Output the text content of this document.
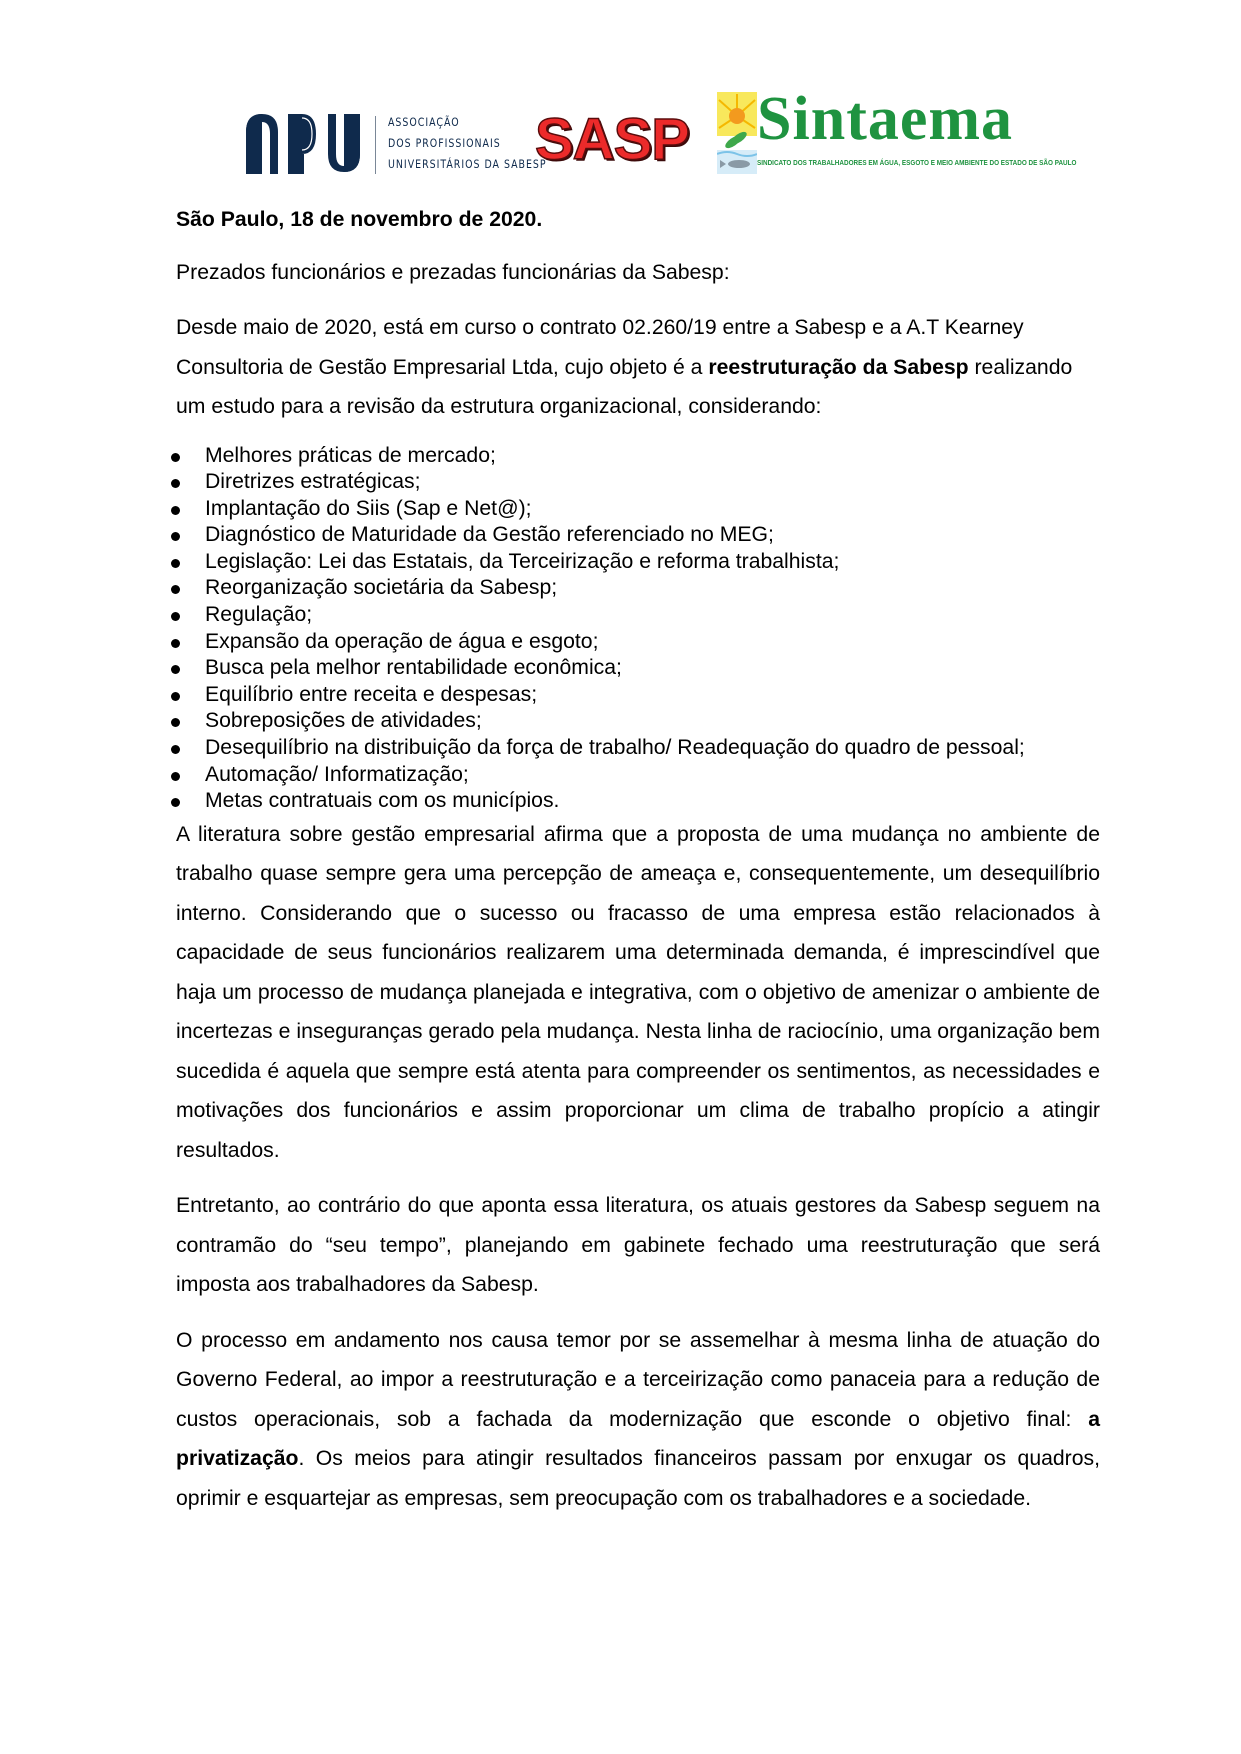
ASSOCIAÇÃO
DOS PROFISSIONAIS
UNIVERSITÁRIOS DA SABESP
SASP Sintaema
SINDICATO DOS TRABALHADORES EM ÁGUA, ESGOTO E MEIO AMBIENTE DO ESTADO DE SÃO PAULO

São Paulo, 18 de novembro de 2020.

Prezados funcionários e prezadas funcionárias da Sabesp:

Desde maio de 2020, está em curso o contrato 02.260/19 entre a Sabesp e a A.T Kearney Consultoria de Gestão Empresarial Ltda, cujo objeto é a reestruturação da Sabesp realizando um estudo para a revisão da estrutura organizacional, considerando:

Melhores práticas de mercado;
Diretrizes estratégicas;
Implantação do Siis (Sap e Net@);
Diagnóstico de Maturidade da Gestão referenciado no MEG;
Legislação: Lei das Estatais, da Terceirização e reforma trabalhista;
Reorganização societária da Sabesp;
Regulação;
Expansão da operação de água e esgoto;
Busca pela melhor rentabilidade econômica;
Equilíbrio entre receita e despesas;
Sobreposições de atividades;
Desequilíbrio na distribuição da força de trabalho/ Readequação do quadro de pessoal;
Automação/ Informatização;
Metas contratuais com os municípios.

A literatura sobre gestão empresarial afirma que a proposta de uma mudança no ambiente de trabalho quase sempre gera uma percepção de ameaça e, consequentemente, um desequilíbrio interno. Considerando que o sucesso ou fracasso de uma empresa estão relacionados à capacidade de seus funcionários realizarem uma determinada demanda, é imprescindível que haja um processo de mudança planejada e integrativa, com o objetivo de amenizar o ambiente de incertezas e inseguranças gerado pela mudança. Nesta linha de raciocínio, uma organização bem sucedida é aquela que sempre está atenta para compreender os sentimentos, as necessidades e motivações dos funcionários e assim proporcionar um clima de trabalho propício a atingir resultados.

Entretanto, ao contrário do que aponta essa literatura, os atuais gestores da Sabesp seguem na contramão do “seu tempo”, planejando em gabinete fechado uma reestruturação que será imposta aos trabalhadores da Sabesp.

O processo em andamento nos causa temor por se assemelhar à mesma linha de atuação do Governo Federal, ao impor a reestruturação e a terceirização como panaceia para a redução de custos operacionais, sob a fachada da modernização que esconde o objetivo final: a privatização. Os meios para atingir resultados financeiros passam por enxugar os quadros, oprimir e esquartejar as empresas, sem preocupação com os trabalhadores e a sociedade.
